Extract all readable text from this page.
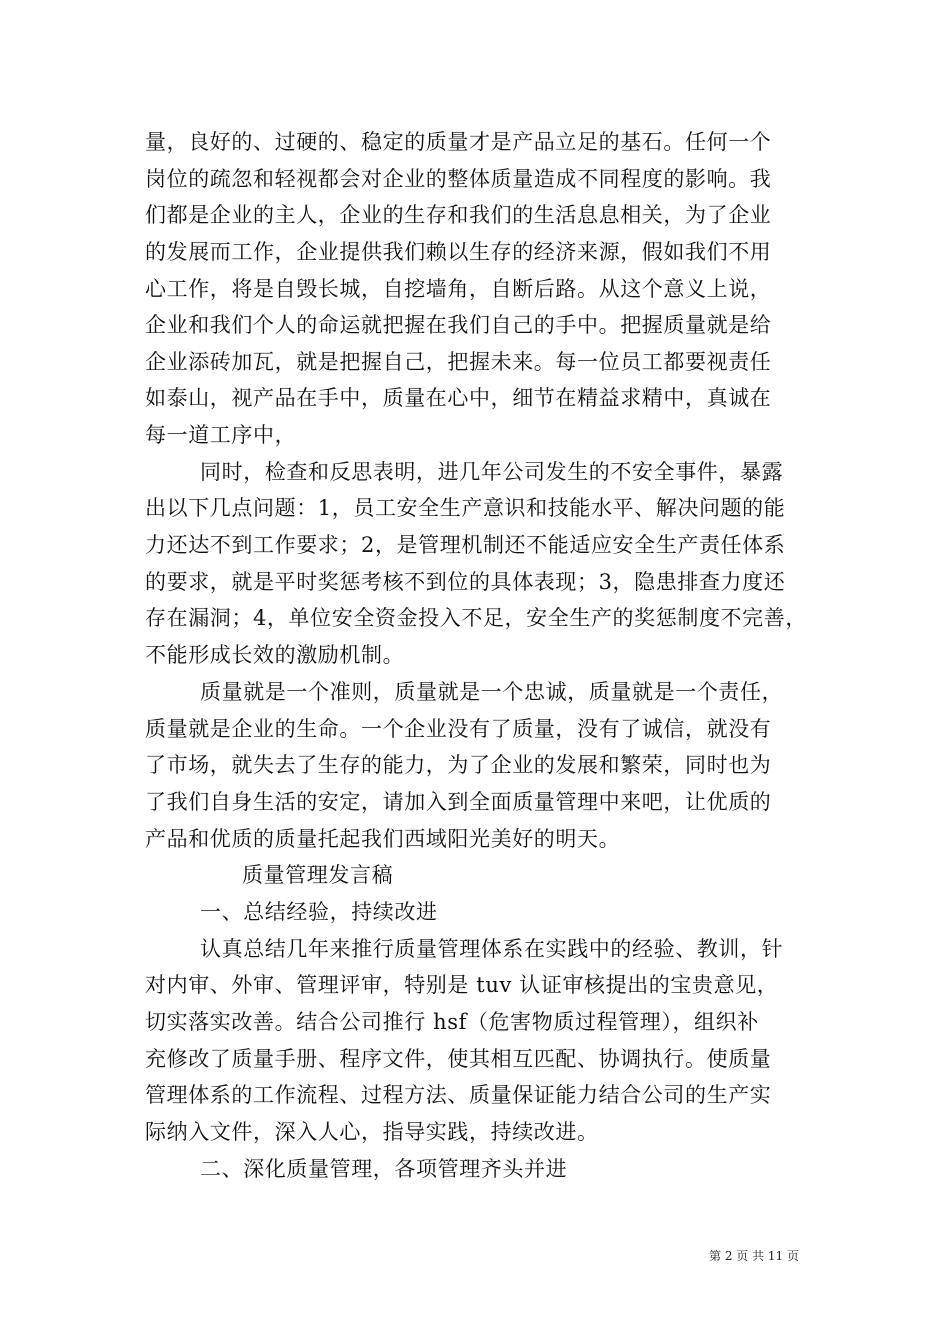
量，良好的、过硬的、稳定的质量才是产品立足的基石。任何一个
岗位的疏忽和轻视都会对企业的整体质量造成不同程度的影响。我
们都是企业的主人，企业的生存和我们的生活息息相关，为了企业
的发展而工作，企业提供我们赖以生存的经济来源，假如我们不用
心工作，将是自毁长城，自挖墙角，自断后路。从这个意义上说，
企业和我们个人的命运就把握在我们自己的手中。把握质量就是给
企业添砖加瓦，就是把握自己，把握未来。每一位员工都要视责任
如泰山，视产品在手中，质量在心中，细节在精益求精中，真诚在
每一道工序中，
同时，检查和反思表明，进几年公司发生的不安全事件，暴露
出以下几点问题：1，员工安全生产意识和技能水平、解决问题的能
力还达不到工作要求；2，是管理机制还不能适应安全生产责任体系
的要求，就是平时奖惩考核不到位的具体表现；3，隐患排查力度还
存在漏洞；4，单位安全资金投入不足，安全生产的奖惩制度不完善，
不能形成长效的激励机制。
质量就是一个准则，质量就是一个忠诚，质量就是一个责任，
质量就是企业的生命。一个企业没有了质量，没有了诚信，就没有
了市场，就失去了生存的能力，为了企业的发展和繁荣，同时也为
了我们自身生活的安定，请加入到全面质量管理中来吧，让优质的
产品和优质的质量托起我们西域阳光美好的明天。
质量管理发言稿
一、总结经验，持续改进
认真总结几年来推行质量管理体系在实践中的经验、教训，针
对内审、外审、管理评审，特别是 tuv 认证审核提出的宝贵意见，
切实落实改善。结合公司推行 hsf（危害物质过程管理），组织补
充修改了质量手册、程序文件，使其相互匹配、协调执行。使质量
管理体系的工作流程、过程方法、质量保证能力结合公司的生产实
际纳入文件，深入人心，指导实践，持续改进。
二、深化质量管理，各项管理齐头并进
第 2 页 共 11 页
